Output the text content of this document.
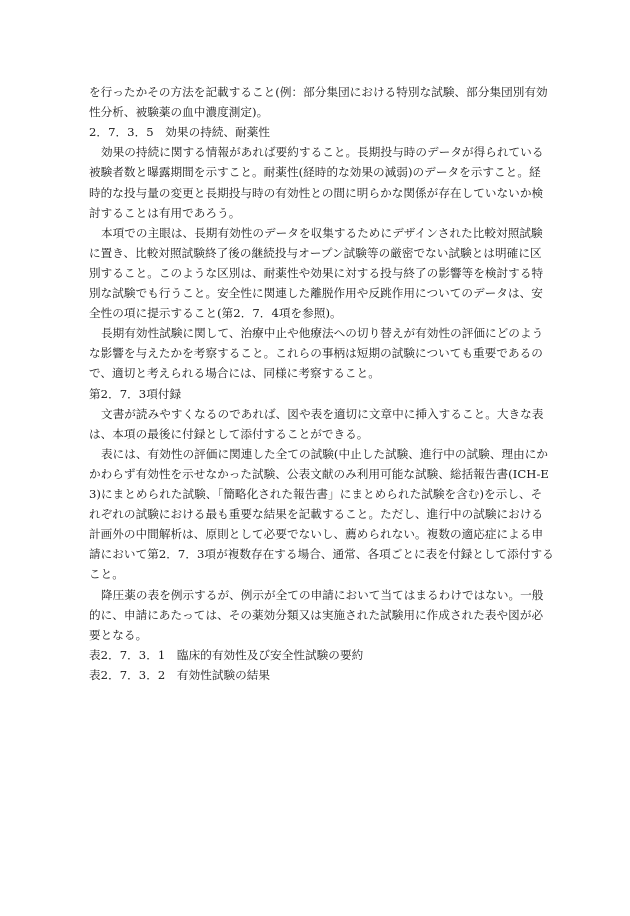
を行ったかその方法を記載すること(例：部分集団における特別な試験、部分集団別有効
性分析、被験薬の血中濃度測定)。
2．7．3．5　効果の持続、耐薬性
効果の持続に関する情報があれば要約すること。長期投与時のデータが得られている
被験者数と曝露期間を示すこと。耐薬性(経時的な効果の減弱)のデータを示すこと。経
時的な投与量の変更と長期投与時の有効性との間に明らかな関係が存在していないか検
討することは有用であろう。
本項での主眼は、長期有効性のデータを収集するためにデザインされた比較対照試験
に置き、比較対照試験終了後の継続投与オープン試験等の厳密でない試験とは明確に区
別すること。このような区別は、耐薬性や効果に対する投与終了の影響等を検討する特
別な試験でも行うこと。安全性に関連した離脱作用や反跳作用についてのデータは、安
全性の項に提示すること(第2．7．4項を参照)。
長期有効性試験に関して、治療中止や他療法への切り替えが有効性の評価にどのよう
な影響を与えたかを考察すること。これらの事柄は短期の試験についても重要であるの
で、適切と考えられる場合には、同様に考察すること。
第2．7．3項付録
文書が読みやすくなるのであれば、図や表を適切に文章中に挿入すること。大きな表
は、本項の最後に付録として添付することができる。
表には、有効性の評価に関連した全ての試験(中止した試験、進行中の試験、理由にか
かわらず有効性を示せなかった試験、公表文献のみ利用可能な試験、総括報告書(ICH-E
3)にまとめられた試験、「簡略化された報告書」にまとめられた試験を含む)を示し、そ
れぞれの試験における最も重要な結果を記載すること。ただし、進行中の試験における
計画外の中間解析は、原則として必要でないし、薦められない。複数の適応症による申
請において第2．7．3項が複数存在する場合、通常、各項ごとに表を付録として添付する
こと。
降圧薬の表を例示するが、例示が全ての申請において当てはまるわけではない。一般
的に、申請にあたっては、その薬効分類又は実施された試験用に作成された表や図が必
要となる。
表2．7．3．1　臨床的有効性及び安全性試験の要約
表2．7．3．2　有効性試験の結果
